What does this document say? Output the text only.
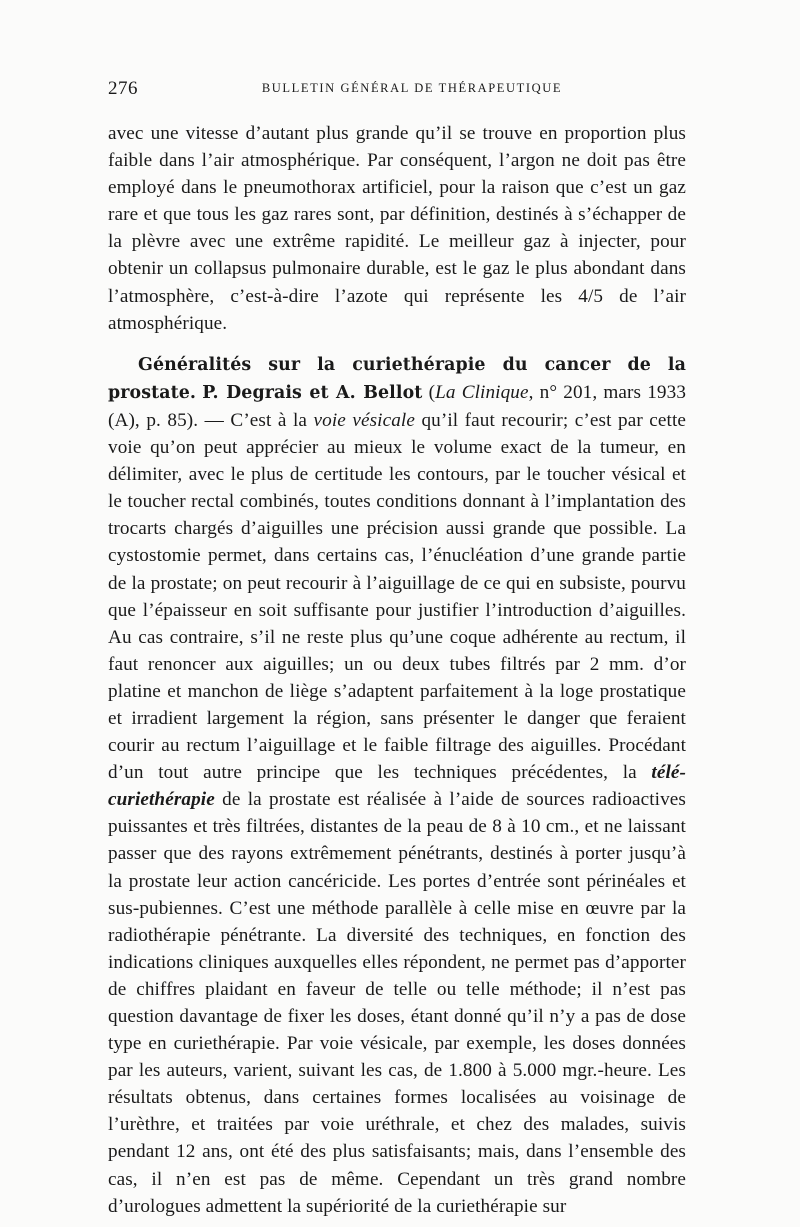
276	BULLETIN GÉNÉRAL DE THÉRAPEUTIQUE

avec une vitesse d’autant plus grande qu’il se trouve en proportion plus faible dans l’air atmosphérique. Par conséquent, l’argon ne doit pas être employé dans le pneumothorax artificiel, pour la raison que c’est un gaz rare et que tous les gaz rares sont, par définition, destinés à s’échapper de la plèvre avec une extrême rapidité. Le meilleur gaz à injecter, pour obtenir un collapsus pulmonaire durable, est le gaz le plus abondant dans l’atmosphère, c’est-à-dire l’azote qui représente les 4/5 de l’air atmosphérique.

Généralités sur la curiethérapie du cancer de la prostate. P. Degrais et A. Bellot (La Clinique, n° 201, mars 1933 (A), p. 85). — C’est à la voie vésicale qu’il faut recourir; c’est par cette voie qu’on peut apprécier au mieux le volume exact de la tumeur, en délimiter, avec le plus de certitude les contours, par le toucher vésical et le toucher rectal combinés, toutes conditions donnant à l’implantation des trocarts chargés d’aiguilles une précision aussi grande que possible. La cystostomie permet, dans certains cas, l’énucléation d’une grande partie de la prostate; on peut recourir à l’aiguillage de ce qui en subsiste, pourvu que l’épaisseur en soit suffisante pour justifier l’introduction d’aiguilles. Au cas contraire, s’il ne reste plus qu’une coque adhérente au rectum, il faut renoncer aux aiguilles; un ou deux tubes filtrés par 2 mm. d’or platine et manchon de liège s’adaptent parfaitement à la loge prostatique et irradient largement la région, sans présenter le danger que feraient courir au rectum l’aiguillage et le faible filtrage des aiguilles. Procédant d’un tout autre principe que les techniques précédentes, la télé-curiethérapie de la prostate est réalisée à l’aide de sources radioactives puissantes et très filtrées, distantes de la peau de 8 à 10 cm., et ne laissant passer que des rayons extrêmement pénétrants, destinés à porter jusqu’à la prostate leur action cancéricide. Les portes d’entrée sont périnéales et sus-pubiennes. C’est une méthode parallèle à celle mise en œuvre par la radiothérapie pénétrante. La diversité des techniques, en fonction des indications cliniques auxquelles elles répondent, ne permet pas d’apporter de chiffres plaidant en faveur de telle ou telle méthode; il n’est pas question davantage de fixer les doses, étant donné qu’il n’y a pas de dose type en curiethérapie. Par voie vésicale, par exemple, les doses données par les auteurs, varient, suivant les cas, de 1.800 à 5.000 mgr.-heure. Les résultats obtenus, dans certaines formes localisées au voisinage de l’urèthre, et traitées par voie uréthrale, et chez des malades, suivis pendant 12 ans, ont été des plus satisfaisants; mais, dans l’ensemble des cas, il n’en est pas de même. Cependant un très grand nombre d’urologues admettent la supériorité de la curiethérapie sur
